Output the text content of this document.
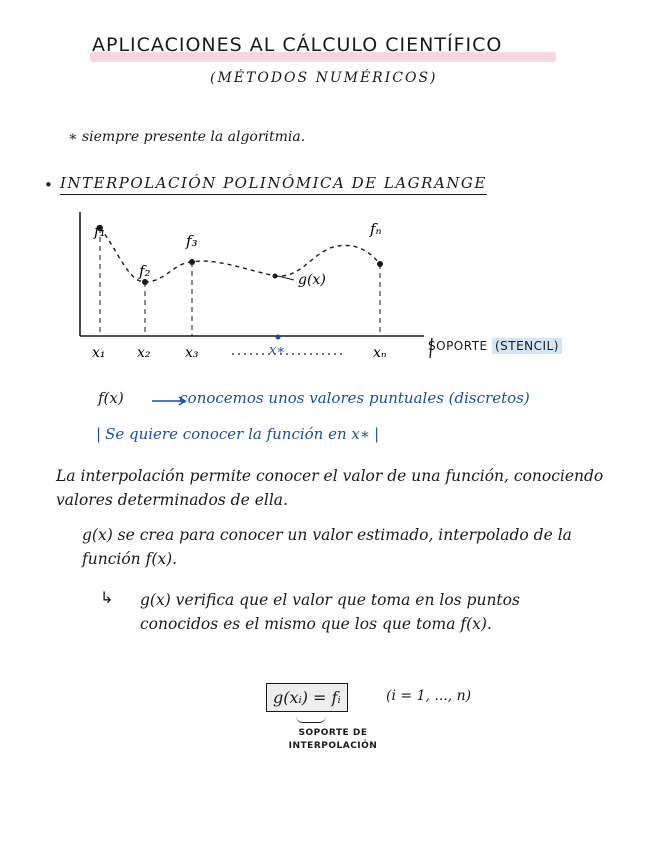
APLICACIONES AL CÁLCULO CIENTÍFICO
(MÉTODOS NUMÉRICOS)
∗ siempre presente la algoritmia.
• INTERPOLACIÓN POLINÓMICA DE LAGRANGE
f₁
f₂
f₃
fₙ
g(x)
x₁ x₂ x₃	x∗	xₙ	SOPORTE (STENCIL)
f(x)	conocemos unos valores puntuales (discretos)
| Se quiere conocer la función en x∗ |
La interpolación permite conocer el valor de una función, conociendo valores determinados de ella.
g(x) se crea para conocer un valor estimado, interpolado de la función f(x).
↳ g(x) verifica que el valor que toma en los puntos conocidos es el mismo que los que toma f(x).
g(xᵢ) = fᵢ	(i = 1, ..., n)
SOPORTE DE INTERPOLACIÓN
